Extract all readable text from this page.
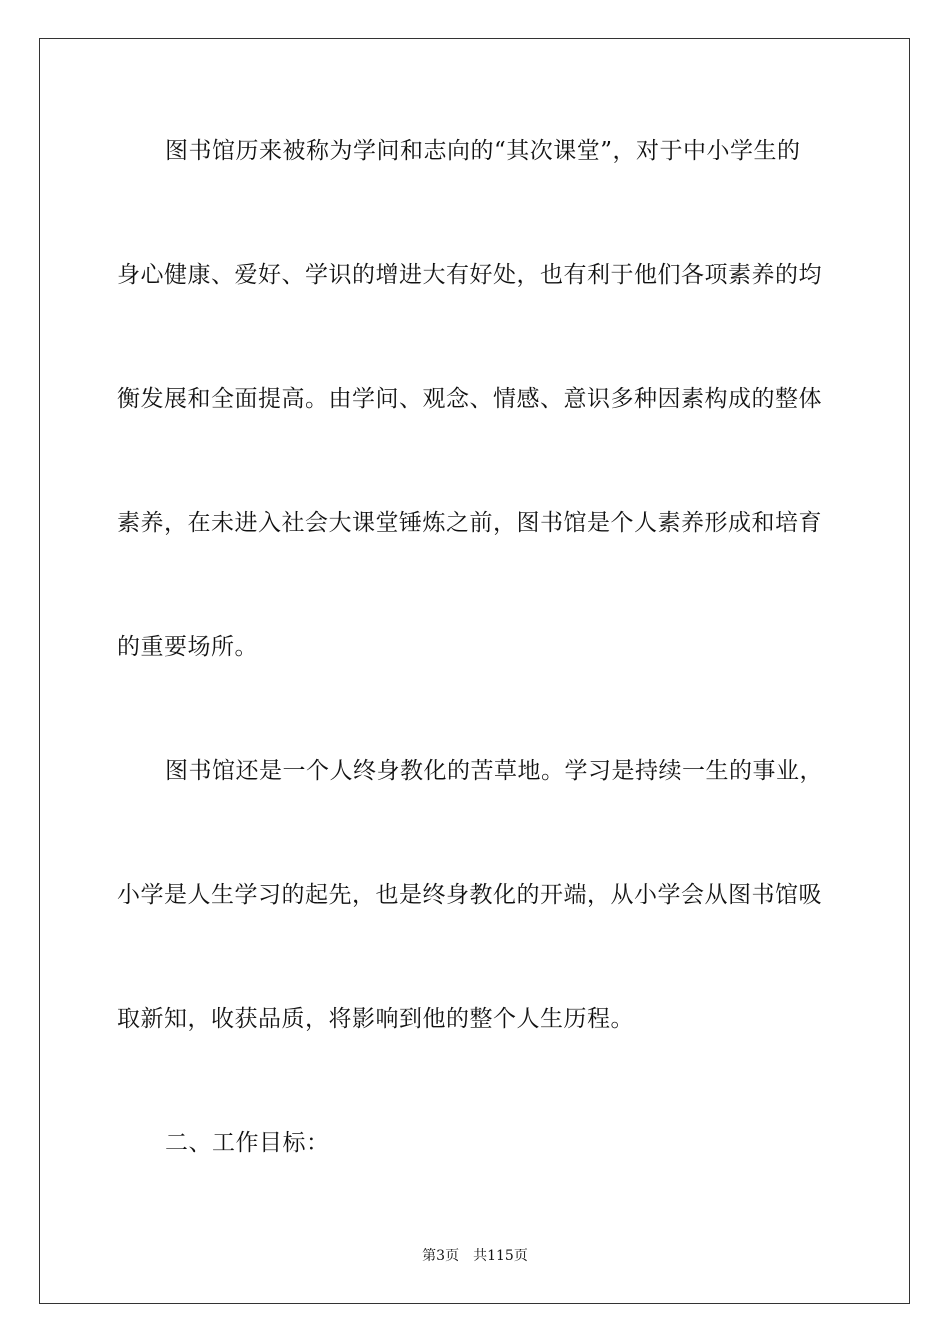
图书馆历来被称为学问和志向的“其次课堂”，对于中小学生的
身心健康、爱好、学识的增进大有好处，也有利于他们各项素养的均
衡发展和全面提高。由学问、观念、情感、意识多种因素构成的整体
素养，在未进入社会大课堂锤炼之前，图书馆是个人素养形成和培育
的重要场所。
图书馆还是一个人终身教化的苦草地。学习是持续一生的事业，
小学是人生学习的起先，也是终身教化的开端，从小学会从图书馆吸
取新知，收获品质，将影响到他的整个人生历程。
二、工作目标：
第3页 共115页
